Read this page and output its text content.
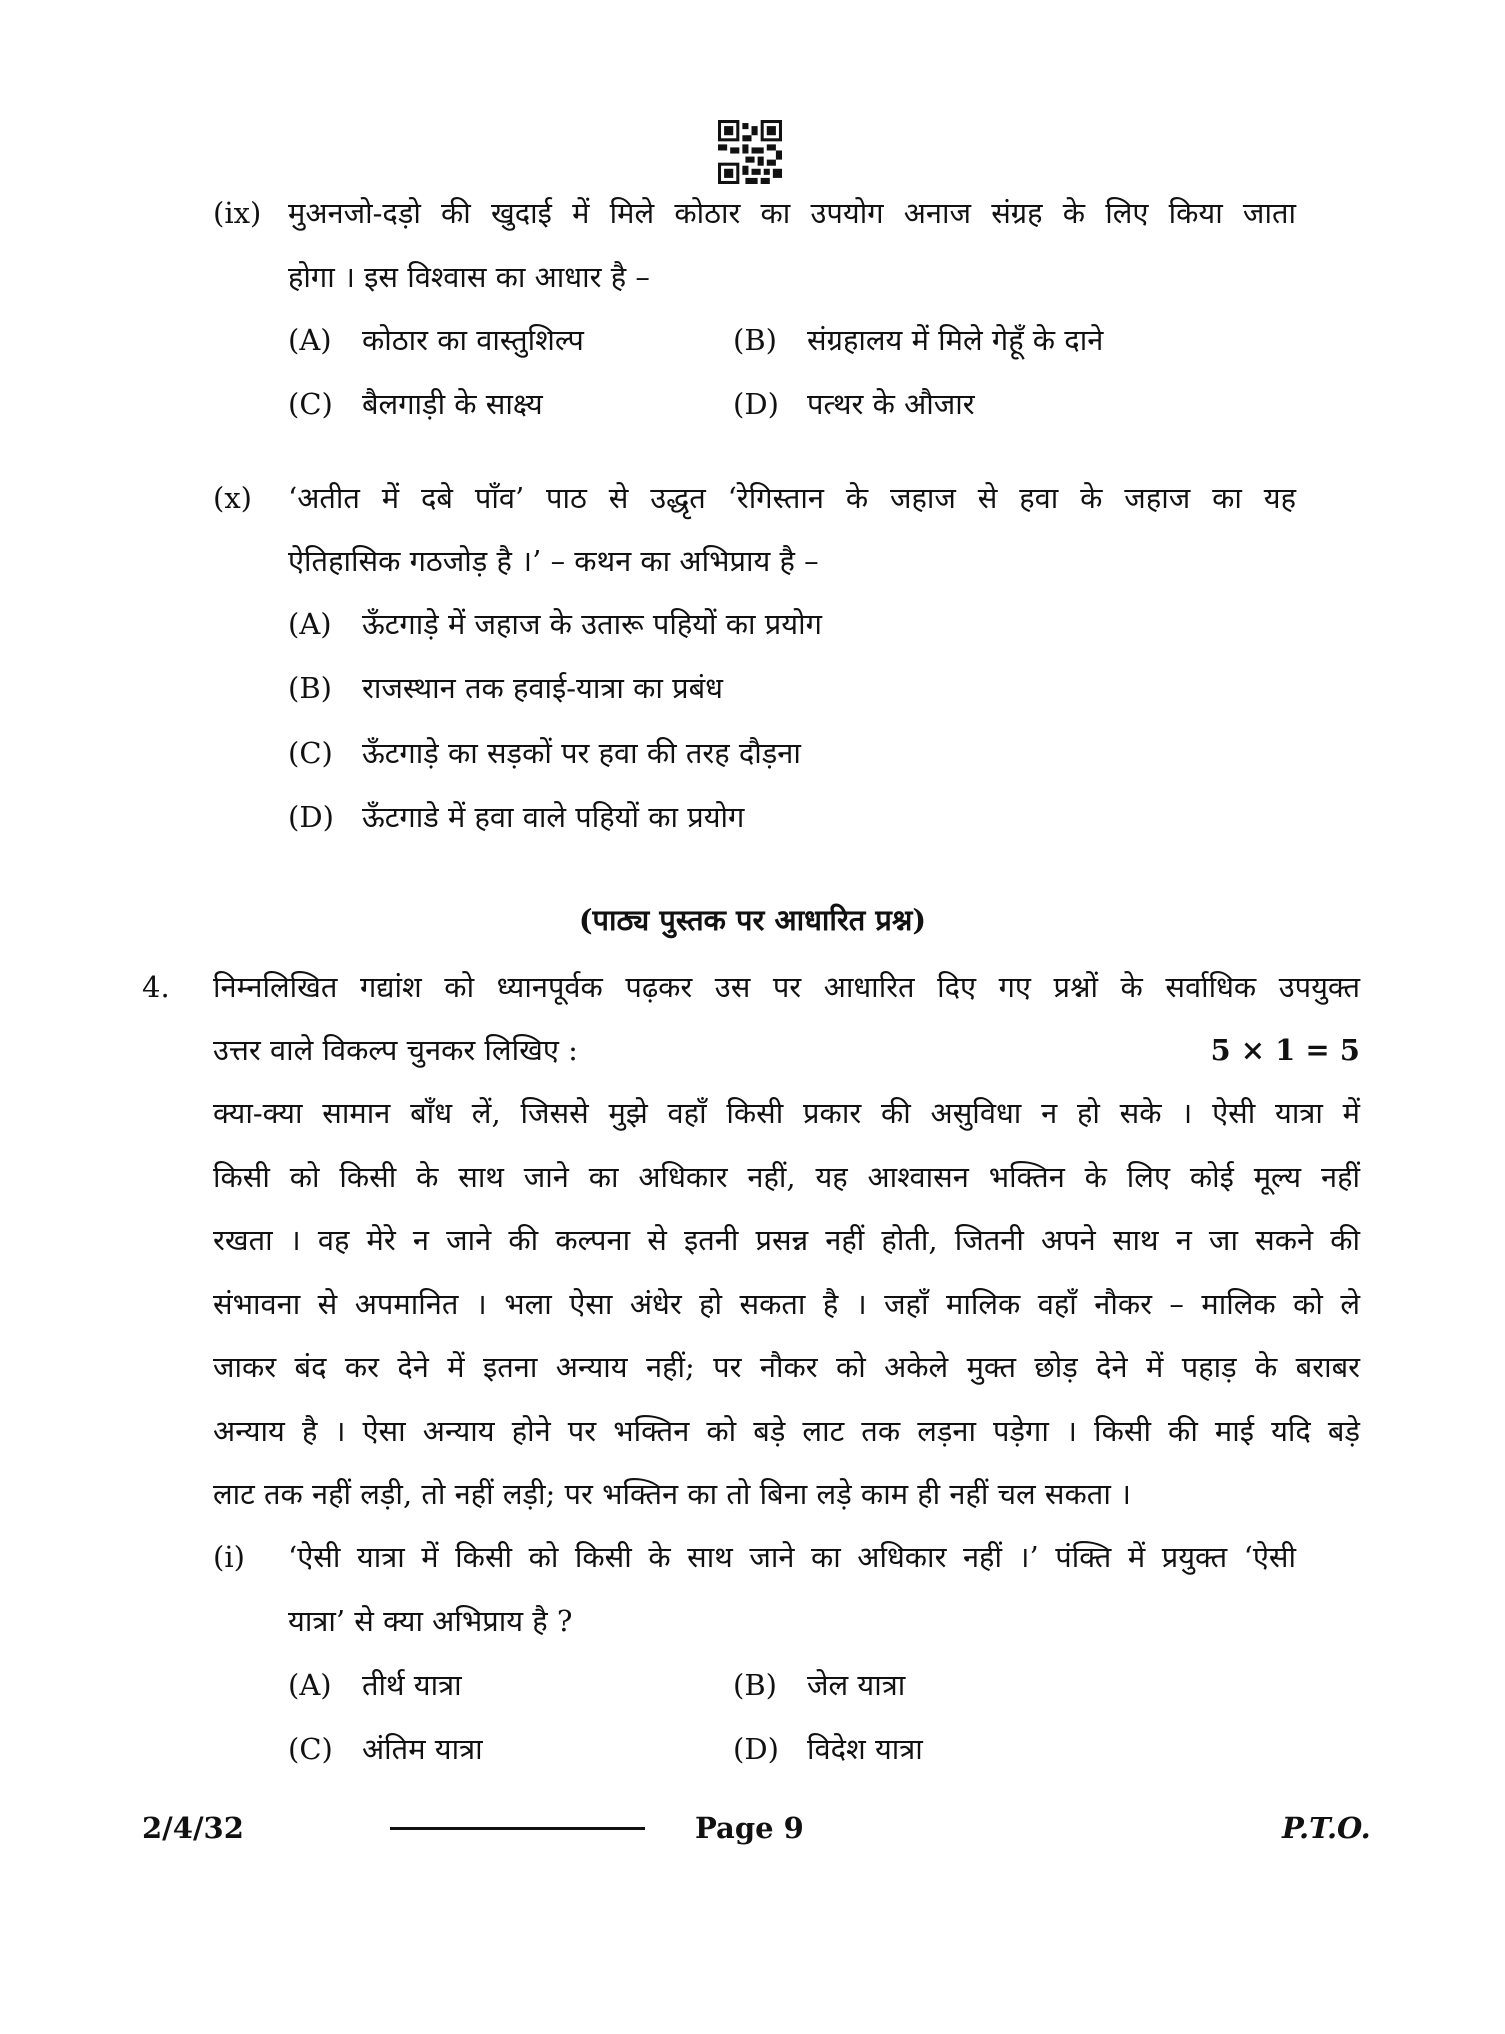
(ix) मुअनजो-दड़ो की खुदाई में मिले कोठार का उपयोग अनाज संग्रह के लिए किया जाता
होगा । इस विश्वास का आधार है –
(A) कोठार का वास्तुशिल्प	(B) संग्रहालय में मिले गेहूँ के दाने
(C) बैलगाड़ी के साक्ष्य	(D) पत्थर के औजार
(x) ‘अतीत में दबे पाँव’ पाठ से उद्धृत ‘रेगिस्तान के जहाज से हवा के जहाज का यह
ऐतिहासिक गठजोड़ है ।’ – कथन का अभिप्राय है –
(A) ऊँटगाड़े में जहाज के उतारू पहियों का प्रयोग
(B) राजस्थान तक हवाई-यात्रा का प्रबंध
(C) ऊँटगाड़े का सड़कों पर हवा की तरह दौड़ना
(D) ऊँटगाडे में हवा वाले पहियों का प्रयोग
(पाठ्य पुस्तक पर आधारित प्रश्न)
4. निम्नलिखित गद्यांश को ध्यानपूर्वक पढ़कर उस पर आधारित दिए गए प्रश्नों के सर्वाधिक उपयुक्त
उत्तर वाले विकल्प चुनकर लिखिए :	5 × 1 = 5
क्या-क्या सामान बाँध लें, जिससे मुझे वहाँ किसी प्रकार की असुविधा न हो सके । ऐसी यात्रा में
किसी को किसी के साथ जाने का अधिकार नहीं, यह आश्वासन भक्तिन के लिए कोई मूल्य नहीं
रखता । वह मेरे न जाने की कल्पना से इतनी प्रसन्न नहीं होती, जितनी अपने साथ न जा सकने की
संभावना से अपमानित । भला ऐसा अंधेर हो सकता है । जहाँ मालिक वहाँ नौकर – मालिक को ले
जाकर बंद कर देने में इतना अन्याय नहीं; पर नौकर को अकेले मुक्त छोड़ देने में पहाड़ के बराबर
अन्याय है । ऐसा अन्याय होने पर भक्तिन को बड़े लाट तक लड़ना पड़ेगा । किसी की माई यदि बड़े
लाट तक नहीं लड़ी, तो नहीं लड़ी; पर भक्तिन का तो बिना लड़े काम ही नहीं चल सकता ।
(i) ‘ऐसी यात्रा में किसी को किसी के साथ जाने का अधिकार नहीं ।’ पंक्ति में प्रयुक्त ‘ऐसी
यात्रा’ से क्या अभिप्राय है ?
(A) तीर्थ यात्रा	(B) जेल यात्रा
(C) अंतिम यात्रा	(D) विदेश यात्रा
2/4/32	Page 9	P.T.O.
